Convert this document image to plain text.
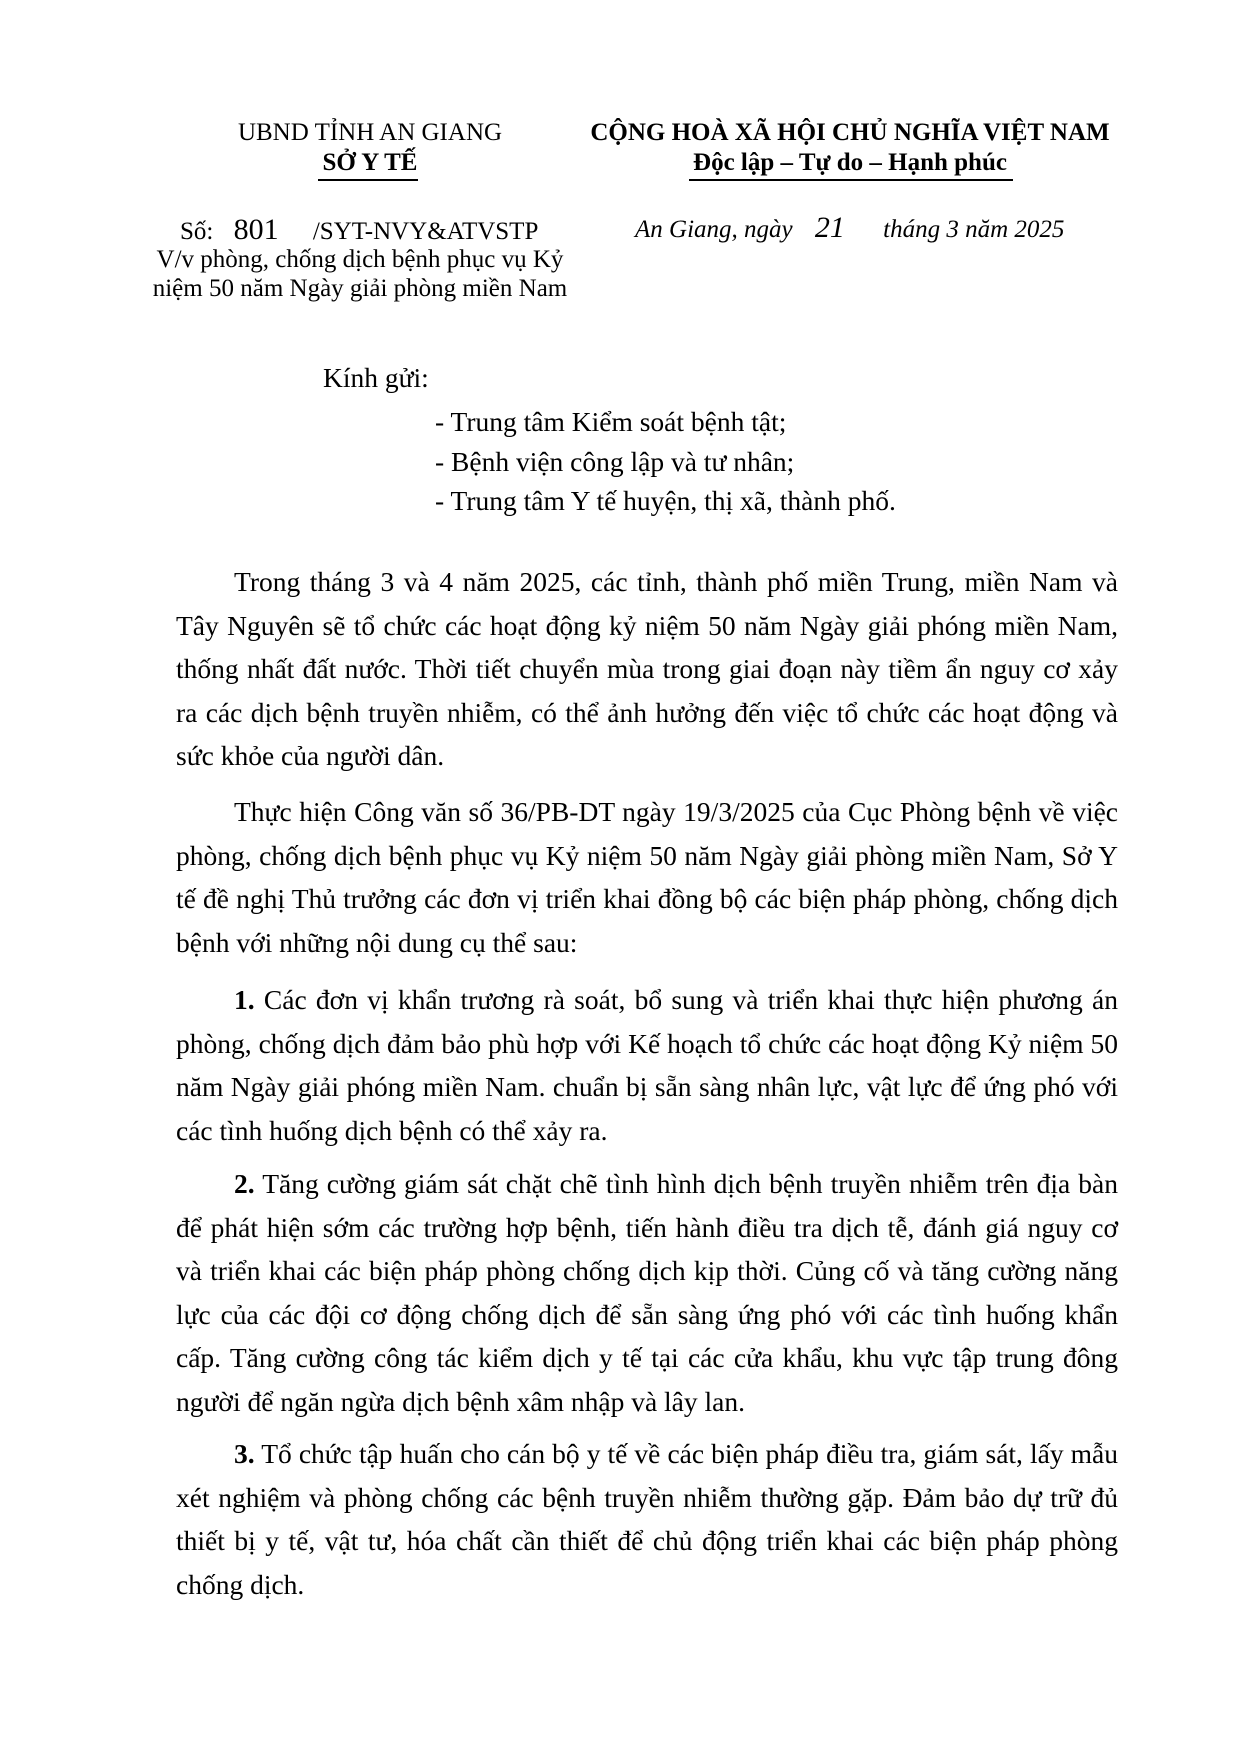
UBND TỈNH AN GIANG
SỞ Y TẾ
CỘNG HOÀ XÃ HỘI CHỦ NGHĨA VIỆT NAM
Độc lập – Tự do – Hạnh phúc
Số: 801 /SYT-NVY&ATVSTP
V/v phòng, chống dịch bệnh phục vụ Kỷ
niệm 50 năm Ngày giải phòng miền Nam
An Giang, ngày 21 tháng 3 năm 2025
Kính gửi:
- Trung tâm Kiểm soát bệnh tật;
- Bệnh viện công lập và tư nhân;
- Trung tâm Y tế huyện, thị xã, thành phố.

Trong tháng 3 và 4 năm 2025, các tỉnh, thành phố miền Trung, miền Nam và Tây Nguyên sẽ tổ chức các hoạt động kỷ niệm 50 năm Ngày giải phóng miền Nam, thống nhất đất nước. Thời tiết chuyển mùa trong giai đoạn này tiềm ẩn nguy cơ xảy ra các dịch bệnh truyền nhiễm, có thể ảnh hưởng đến việc tổ chức các hoạt động và sức khỏe của người dân.

Thực hiện Công văn số 36/PB-DT ngày 19/3/2025 của Cục Phòng bệnh về việc phòng, chống dịch bệnh phục vụ Kỷ niệm 50 năm Ngày giải phòng miền Nam, Sở Y tế đề nghị Thủ trưởng các đơn vị triển khai đồng bộ các biện pháp phòng, chống dịch bệnh với những nội dung cụ thể sau:

1. Các đơn vị khẩn trương rà soát, bổ sung và triển khai thực hiện phương án phòng, chống dịch đảm bảo phù hợp với Kế hoạch tổ chức các hoạt động Kỷ niệm 50 năm Ngày giải phóng miền Nam. chuẩn bị sẵn sàng nhân lực, vật lực để ứng phó với các tình huống dịch bệnh có thể xảy ra.

2. Tăng cường giám sát chặt chẽ tình hình dịch bệnh truyền nhiễm trên địa bàn để phát hiện sớm các trường hợp bệnh, tiến hành điều tra dịch tễ, đánh giá nguy cơ và triển khai các biện pháp phòng chống dịch kịp thời. Củng cố và tăng cường năng lực của các đội cơ động chống dịch để sẵn sàng ứng phó với các tình huống khẩn cấp. Tăng cường công tác kiểm dịch y tế tại các cửa khẩu, khu vực tập trung đông người để ngăn ngừa dịch bệnh xâm nhập và lây lan.

3. Tổ chức tập huấn cho cán bộ y tế về các biện pháp điều tra, giám sát, lấy mẫu xét nghiệm và phòng chống các bệnh truyền nhiễm thường gặp. Đảm bảo dự trữ đủ thiết bị y tế, vật tư, hóa chất cần thiết để chủ động triển khai các biện pháp phòng chống dịch.
